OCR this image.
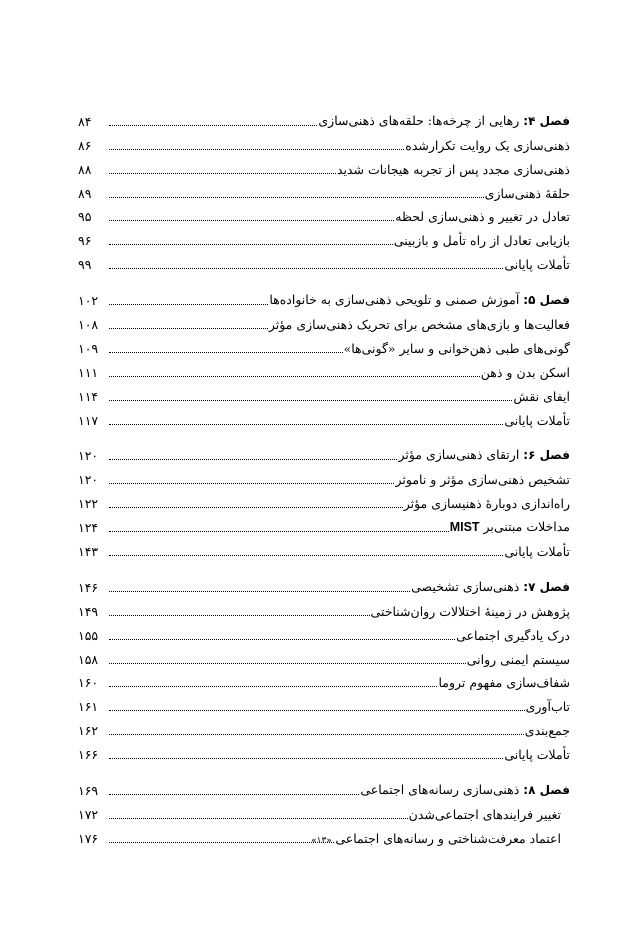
فصل ۴: رهایی از چرخه‌ها: حلقه‌های ذهنی‌سازی
۸۴
ذهنی‌سازی یک روایت تکرارشده
۸۶
ذهنی‌سازی مجدد پس از تجربه هیجانات شدید
۸۸
حلقهٔ ذهنی‌سازی
۸۹
تعادل در تغییر و ذهنی‌سازی لحظه
۹۵
بازیابی تعادل از راه تأمل و بازبینی
۹۶
تأملات پایانی
۹۹
فصل ۵: آموزش صمنی و تلویحی ذهنی‌سازی به خانواده‌ها
۱۰۲
فعالیت‌ها و بازی‌های مشخص برای تحریک ذهنی‌سازی مؤثر
۱۰۸
گونی‌های طبی ذهن‌خوانی و سایر «گونی‌ها»
۱۰۹
اسکن بدن و ذهن
۱۱۱
ایفای نقش
۱۱۴
تأملات پایانی
۱۱۷
فصل ۶: ارتقای ذهنی‌سازی مؤثر
۱۲۰
تشخیص ذهنی‌سازی مؤثر و ناموثر
۱۲۰
راه‌اندازی دوبارهٔ ذهنیسازی مؤثر
۱۲۲
مداخلات مبتنی‌بر MIST
۱۲۴
تأملات پایانی
۱۴۳
فصل ۷: ذهنی‌سازی تشخیصی
۱۴۶
پژوهش در زمینهٔ اختلالات روان‌شناختی
۱۴۹
درک یادگیری اجتماعی
۱۵۵
سیستم ایمنی روانی
۱۵۸
شفاف‌سازی مفهوم تروما
۱۶۰
تاب‌آوری
۱۶۱
جمع‌بندی
۱۶۲
تأملات پایانی
۱۶۶
فصل ۸: ذهنی‌سازی رسانه‌های اجتماعی
۱۶۹
تغییر فرایندهای اجتماعی‌شدن
۱۷۲
اعتماد معرفت‌شناختی و رسانه‌های اجتماعی
۱۷۶	«۱۳»
